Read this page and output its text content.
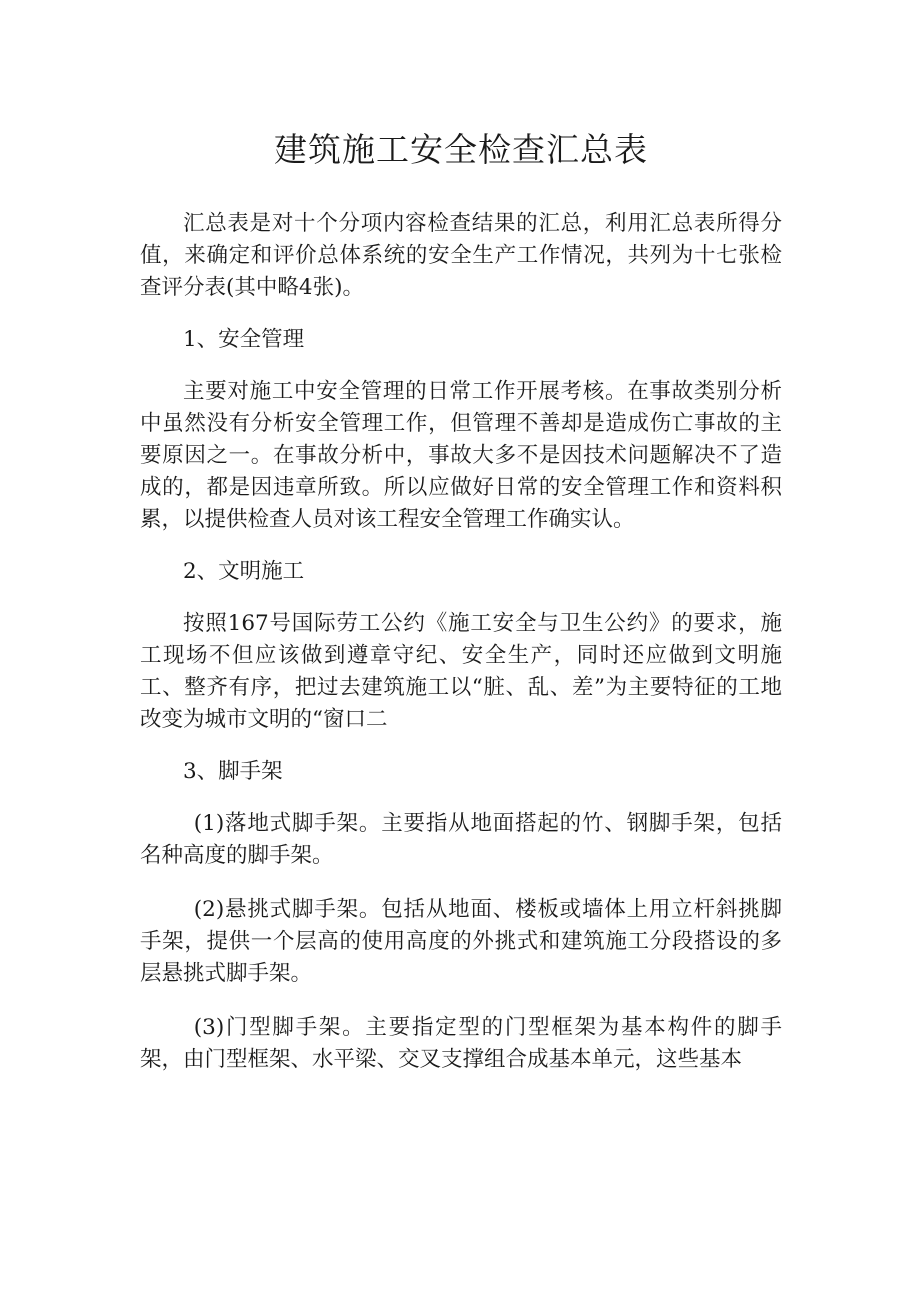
建筑施工安全检查汇总表

汇总表是对十个分项内容检查结果的汇总，利用汇总表所得分值，来确定和评价总体系统的安全生产工作情况，共列为十七张检查评分表(其中略4张)。

1、安全管理

主要对施工中安全管理的日常工作开展考核。在事故类别分析中虽然没有分析安全管理工作，但管理不善却是造成伤亡事故的主要原因之一。在事故分析中，事故大多不是因技术问题解决不了造成的，都是因违章所致。所以应做好日常的安全管理工作和资料积累，以提供检查人员对该工程安全管理工作确实认。

2、文明施工

按照167号国际劳工公约《施工安全与卫生公约》的要求，施工现场不但应该做到遵章守纪、安全生产，同时还应做到文明施工、整齐有序，把过去建筑施工以“脏、乱、差”为主要特征的工地改变为城市文明的“窗口二

3、脚手架

(1)落地式脚手架。主要指从地面搭起的竹、钢脚手架，包括名种高度的脚手架。

(2)悬挑式脚手架。包括从地面、楼板或墙体上用立杆斜挑脚手架，提供一个层高的使用高度的外挑式和建筑施工分段搭设的多层悬挑式脚手架。

(3)门型脚手架。主要指定型的门型框架为基本构件的脚手架，由门型框架、水平梁、交叉支撑组合成基本单元，这些基本
